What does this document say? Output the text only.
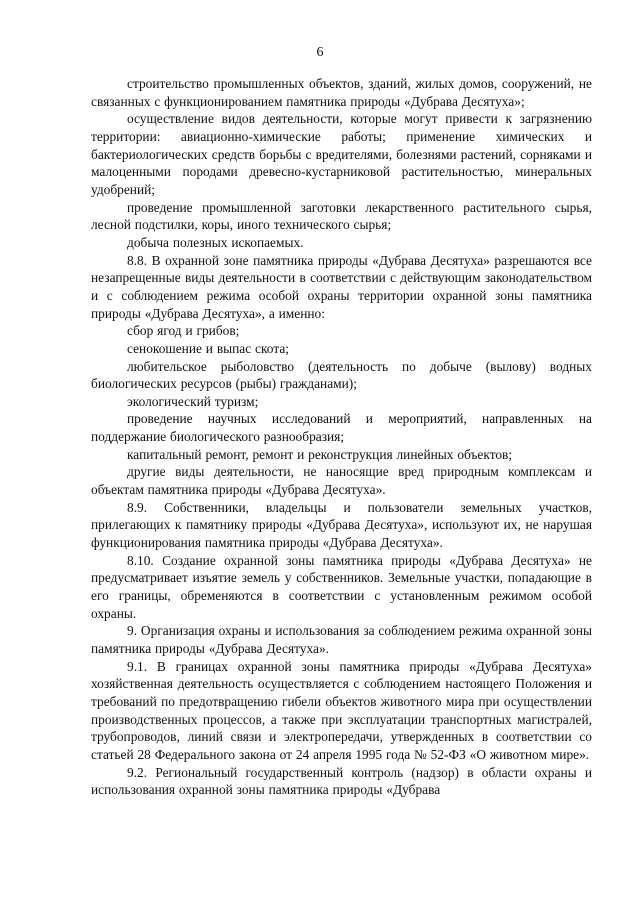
6

строительство промышленных объектов, зданий, жилых домов, сооружений, не связанных с функционированием памятника природы «Дубрава Десятуха»;

осуществление видов деятельности, которые могут привести к загрязнению территории: авиационно-химические работы; применение химических и бактериологических средств борьбы с вредителями, болезнями растений, сорняками и малоценными породами древесно-кустарниковой растительностью, минеральных удобрений;

проведение промышленной заготовки лекарственного растительного сырья, лесной подстилки, коры, иного технического сырья;

добыча полезных ископаемых.

8.8. В охранной зоне памятника природы «Дубрава Десятуха» разрешаются все незапрещенные виды деятельности в соответствии с действующим законодательством и с соблюдением режима особой охраны территории охранной зоны памятника природы «Дубрава Десятуха», а именно:

сбор ягод и грибов;

сенокошение и выпас скота;

любительское рыболовство (деятельность по добыче (вылову) водных биологических ресурсов (рыбы) гражданами);

экологический туризм;

проведение научных исследований и мероприятий, направленных на поддержание биологического разнообразия;

капитальный ремонт, ремонт и реконструкция линейных объектов;

другие виды деятельности, не наносящие вред природным комплексам и объектам памятника природы «Дубрава Десятуха».

8.9. Собственники, владельцы и пользователи земельных участков, прилегающих к памятнику природы «Дубрава Десятуха», используют их, не нарушая функционирования памятника природы «Дубрава Десятуха».

8.10. Создание охранной зоны памятника природы «Дубрава Десятуха» не предусматривает изъятие земель у собственников. Земельные участки, попадающие в его границы, обременяются в соответствии с установленным режимом особой охраны.

9. Организация охраны и использования за соблюдением режима охранной зоны памятника природы «Дубрава Десятуха».

9.1. В границах охранной зоны памятника природы «Дубрава Десятуха» хозяйственная деятельность осуществляется с соблюдением настоящего Положения и требований по предотвращению гибели объектов животного мира при осуществлении производственных процессов, а также при эксплуатации транспортных магистралей, трубопроводов, линий связи и электропередачи, утвержденных в соответствии со статьей 28 Федерального закона от 24 апреля 1995 года № 52-ФЗ «О животном мире».

9.2. Региональный государственный контроль (надзор) в области охраны и использования охранной зоны памятника природы «Дубрава
